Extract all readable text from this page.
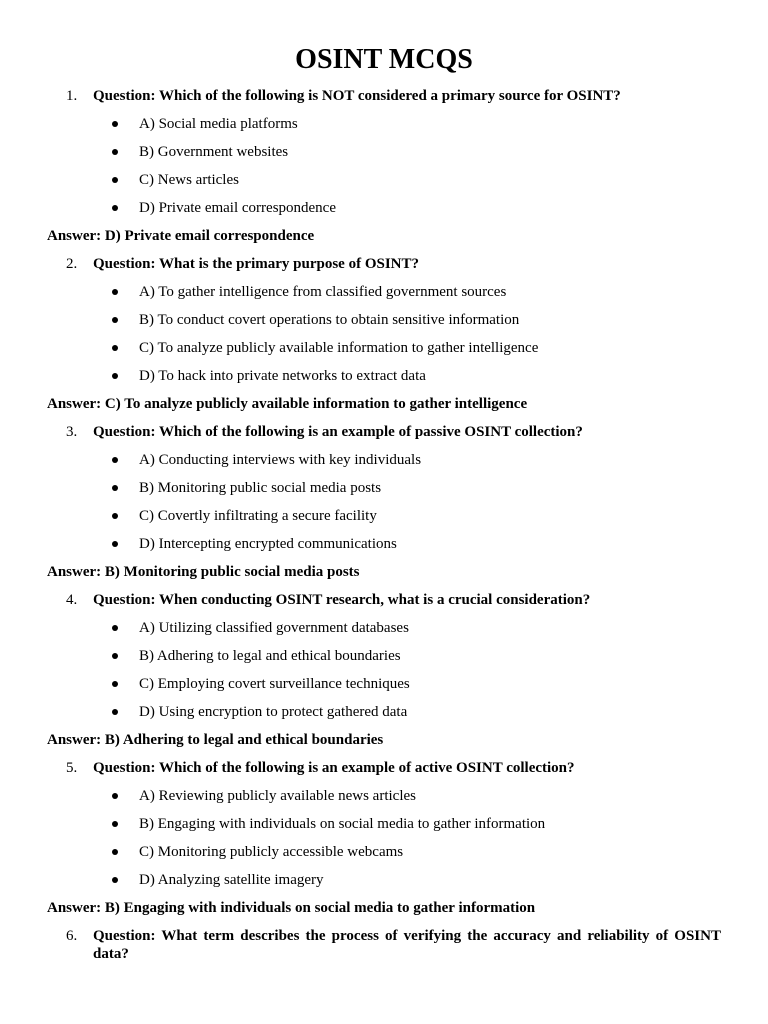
OSINT MCQS
1.	Question: Which of the following is NOT considered a primary source for OSINT?
A) Social media platforms
B) Government websites
C) News articles
D) Private email correspondence
Answer: D) Private email correspondence
2.	Question: What is the primary purpose of OSINT?
A) To gather intelligence from classified government sources
B) To conduct covert operations to obtain sensitive information
C) To analyze publicly available information to gather intelligence
D) To hack into private networks to extract data
Answer: C) To analyze publicly available information to gather intelligence
3.	Question: Which of the following is an example of passive OSINT collection?
A) Conducting interviews with key individuals
B) Monitoring public social media posts
C) Covertly infiltrating a secure facility
D) Intercepting encrypted communications
Answer: B) Monitoring public social media posts
4.	Question: When conducting OSINT research, what is a crucial consideration?
A) Utilizing classified government databases
B) Adhering to legal and ethical boundaries
C) Employing covert surveillance techniques
D) Using encryption to protect gathered data
Answer: B) Adhering to legal and ethical boundaries
5.	Question: Which of the following is an example of active OSINT collection?
A) Reviewing publicly available news articles
B) Engaging with individuals on social media to gather information
C) Monitoring publicly accessible webcams
D) Analyzing satellite imagery
Answer: B) Engaging with individuals on social media to gather information
6.	Question: What term describes the process of verifying the accuracy and reliability of OSINT data?
